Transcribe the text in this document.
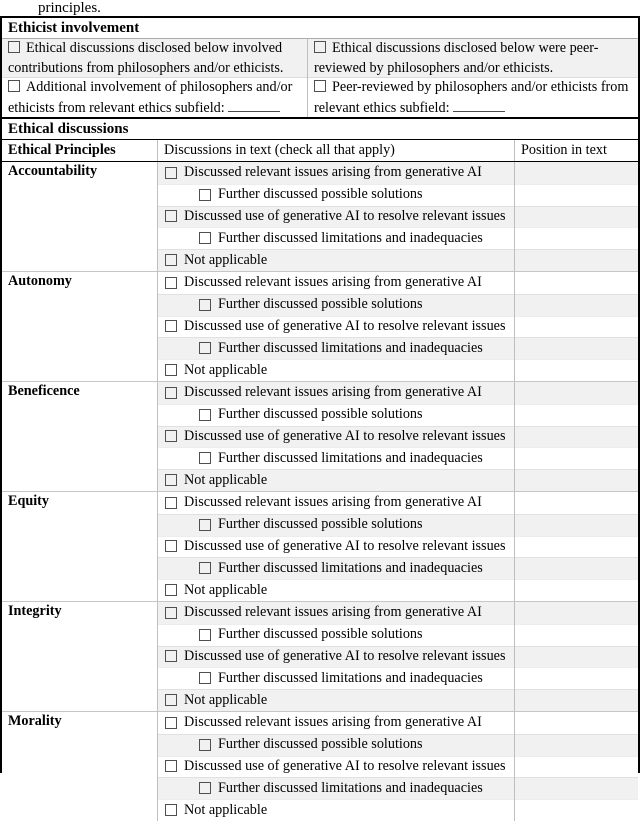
principles.
Ethicist involvement
Ethical discussions disclosed below involved contributions from philosophers and/or ethicists.
Ethical discussions disclosed below were peer-reviewed by philosophers and/or ethicists.
Additional involvement of philosophers and/or ethicists from relevant ethics subfield:
Peer-reviewed by philosophers and/or ethicists from relevant ethics subfield:
Ethical discussions
Ethical Principles	Discussions in text (check all that apply)	Position in text
Accountability	Discussed relevant issues arising from generative AI
Further discussed possible solutions
Discussed use of generative AI to resolve relevant issues
Further discussed limitations and inadequacies
Not applicable
Autonomy	Discussed relevant issues arising from generative AI
Further discussed possible solutions
Discussed use of generative AI to resolve relevant issues
Further discussed limitations and inadequacies
Not applicable
Beneficence	Discussed relevant issues arising from generative AI
Further discussed possible solutions
Discussed use of generative AI to resolve relevant issues
Further discussed limitations and inadequacies
Not applicable
Equity	Discussed relevant issues arising from generative AI
Further discussed possible solutions
Discussed use of generative AI to resolve relevant issues
Further discussed limitations and inadequacies
Not applicable
Integrity	Discussed relevant issues arising from generative AI
Further discussed possible solutions
Discussed use of generative AI to resolve relevant issues
Further discussed limitations and inadequacies
Not applicable
Morality	Discussed relevant issues arising from generative AI
Further discussed possible solutions
Discussed use of generative AI to resolve relevant issues
Further discussed limitations and inadequacies
Not applicable
